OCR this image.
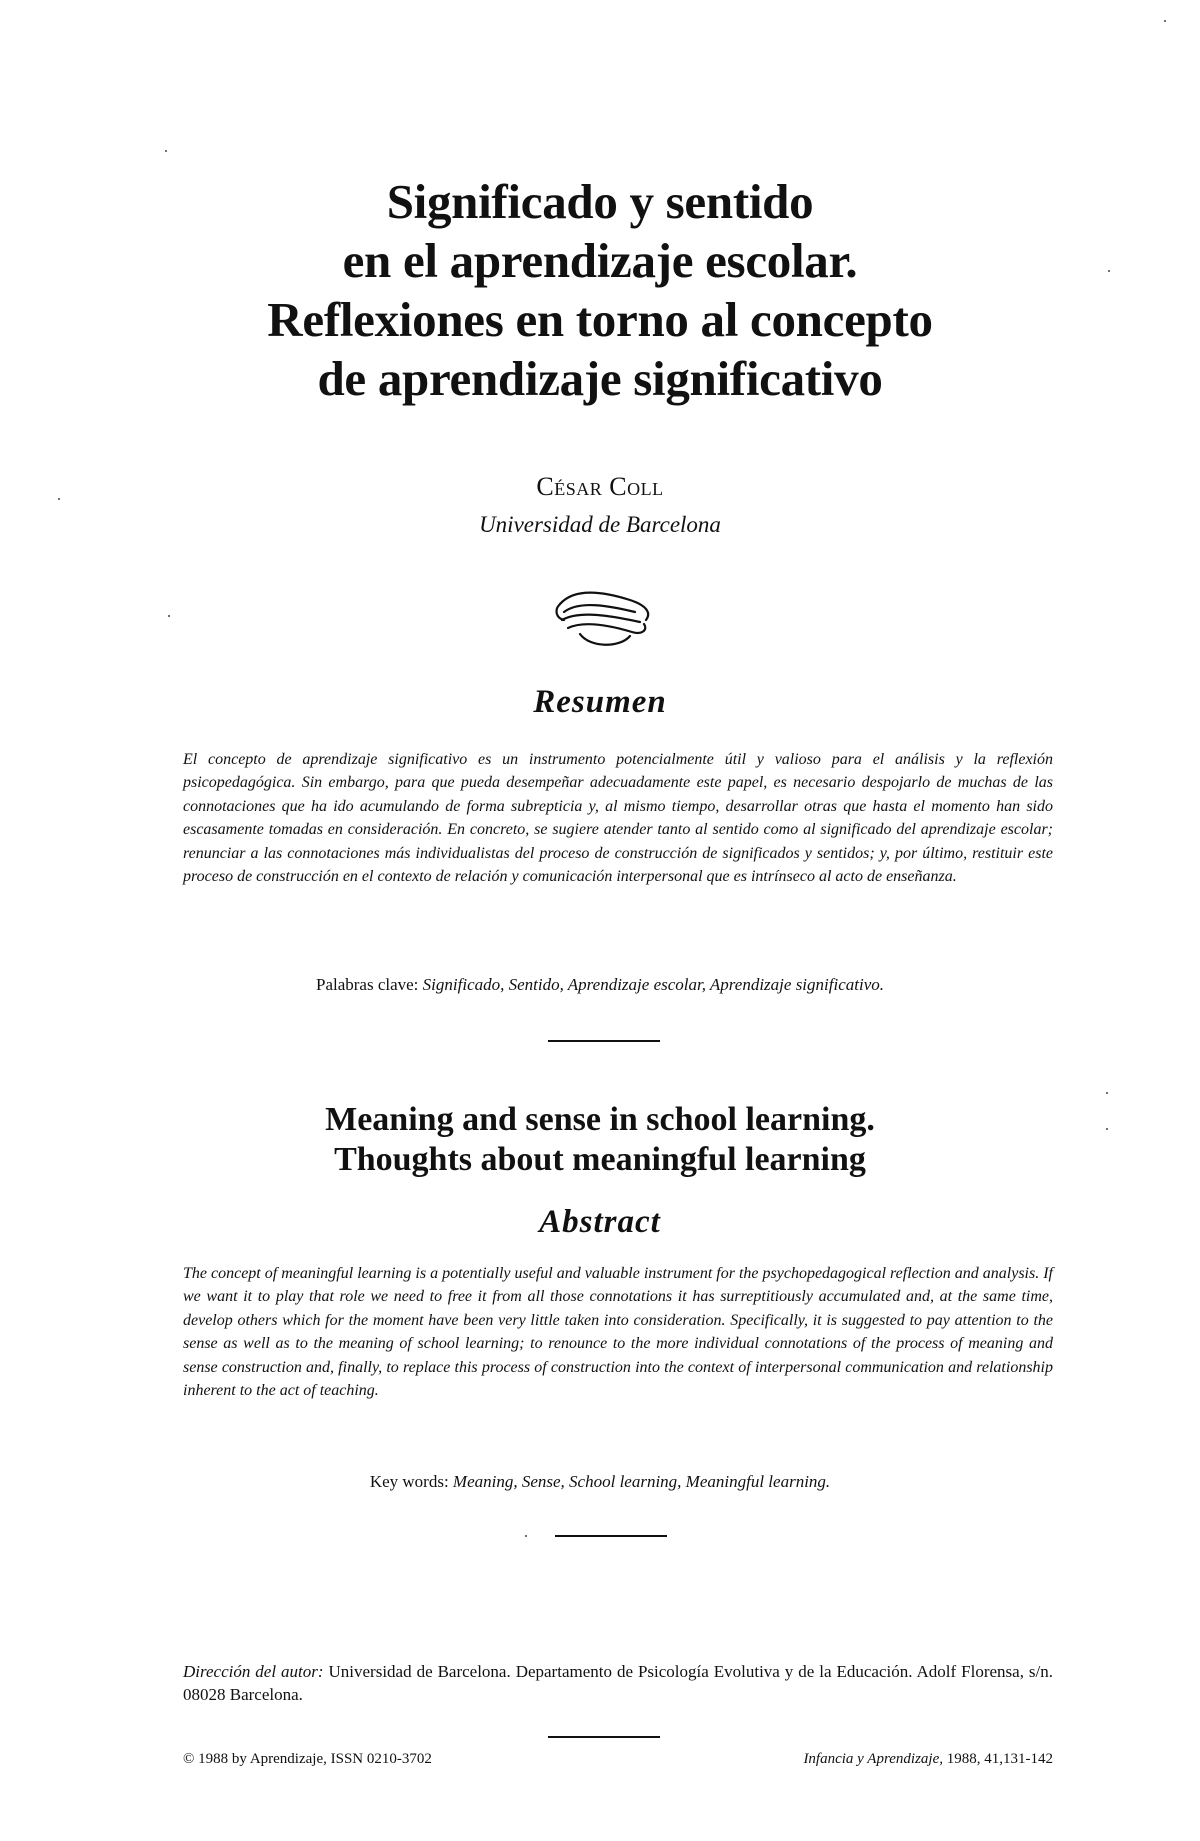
Significado y sentido
en el aprendizaje escolar.
Reflexiones en torno al concepto
de aprendizaje significativo

César Coll

Universidad de Barcelona

Resumen

El concepto de aprendizaje significativo es un instrumento potencialmente útil y valioso para el análisis y la reflexión psicopedagógica. Sin embargo, para que pueda desempeñar adecuadamente este papel, es necesario despojarlo de muchas de las connotaciones que ha ido acumulando de forma subrepticia y, al mismo tiempo, desarrollar otras que hasta el momento han sido escasamente tomadas en consideración. En concreto, se sugiere atender tanto al sentido como al significado del aprendizaje escolar; renunciar a las connotaciones más individualistas del proceso de construcción de significados y sentidos; y, por último, restituir este proceso de construcción en el contexto de relación y comunicación interpersonal que es intrínseco al acto de enseñanza.

Palabras clave: Significado, Sentido, Aprendizaje escolar, Aprendizaje significativo.

Meaning and sense in school learning.
Thoughts about meaningful learning
Abstract

The concept of meaningful learning is a potentially useful and valuable instrument for the psychopedagogical reflection and analysis. If we want it to play that role we need to free it from all those connotations it has surreptitiously accumulated and, at the same time, develop others which for the moment have been very little taken into consideration. Specifically, it is suggested to pay attention to the sense as well as to the meaning of school learning; to renounce to the more individual connotations of the process of meaning and sense construction and, finally, to replace this process of construction into the context of interpersonal communication and relationship inherent to the act of teaching.

Key words: Meaning, Sense, School learning, Meaningful learning.

Dirección del autor: Universidad de Barcelona. Departamento de Psicología Evolutiva y de la Educación. Adolf Florensa, s/n. 08028 Barcelona.

© 1988 by Aprendizaje, ISSN 0210-3702	Infancia y Aprendizaje, 1988, 41,131-142
